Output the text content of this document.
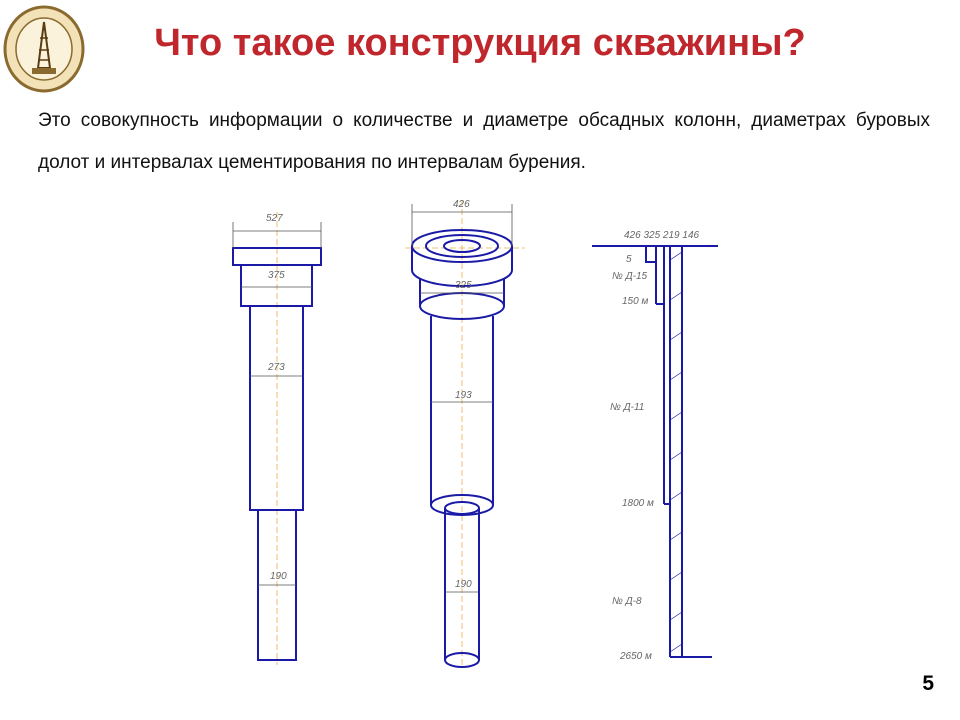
Что такое конструкция скважины?
Это совокупность информации о количестве и диаметре обсадных колонн, диаметрах буровых долот и интервалах цементирования по интервалам бурения.
527
375
273
190
426
325
193
190
426 325 219 146
5
№ Д-15
150 м
№ Д-11
1800 м
№ Д-8
2650 м
5
